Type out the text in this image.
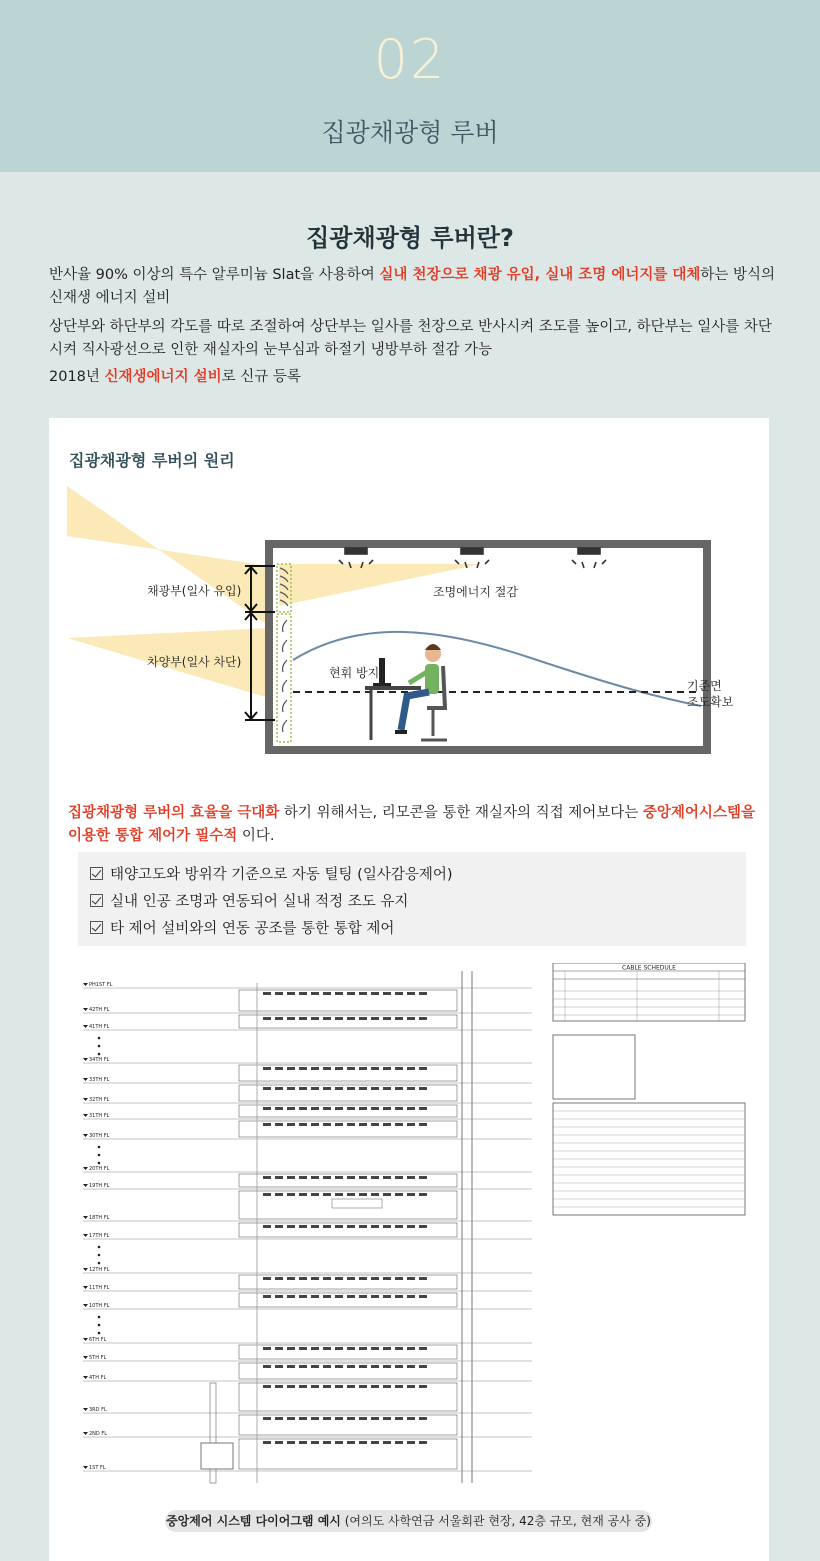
02
집광채광형 루버
집광채광형 루버란?
반사율 90% 이상의 특수 알루미늄 Slat을 사용하여 실내 천장으로 채광 유입, 실내 조명 에너지를 대체하는 방식의 신재생 에너지 설비
상단부와 하단부의 각도를 따로 조절하여 상단부는 일사를 천장으로 반사시켜 조도를 높이고, 하단부는 일사를 차단시켜 직사광선으로 인한 재실자의 눈부심과 하절기 냉방부하 절감 가능
2018년 신재생에너지 설비로 신규 등록
집광채광형 루버의 원리
채광부(일사 유입)
차양부(일사 차단)
조명에너지 절감
현휘 방지
기준면
조도확보
집광채광형 루버의 효율을 극대화 하기 위해서는, 리모콘을 통한 재실자의 직접 제어보다는 중앙제어시스템을 이용한 통합 제어가 필수적 이다.
태양고도와 방위각 기준으로 자동 틸팅 (일사감응제어)
실내 인공 조명과 연동되어 실내 적정 조도 유지
타 제어 설비와의 연동 공조를 통한 통합 제어
CABLE SCHEDULE
PH1ST FL
42TH FL
41TH FL
34TH FL
33TH FL
32TH FL
31TH FL
30TH FL
20TH FL
19TH FL
18TH FL
17TH FL
12TH FL
11TH FL
10TH FL
6TH FL
5TH FL
4TH FL
3RD FL
2ND FL
1ST FL
중앙제어 시스템 다이어그램 예시 (여의도 사학연금 서울회관 현장, 42층 규모, 현재 공사 중)
